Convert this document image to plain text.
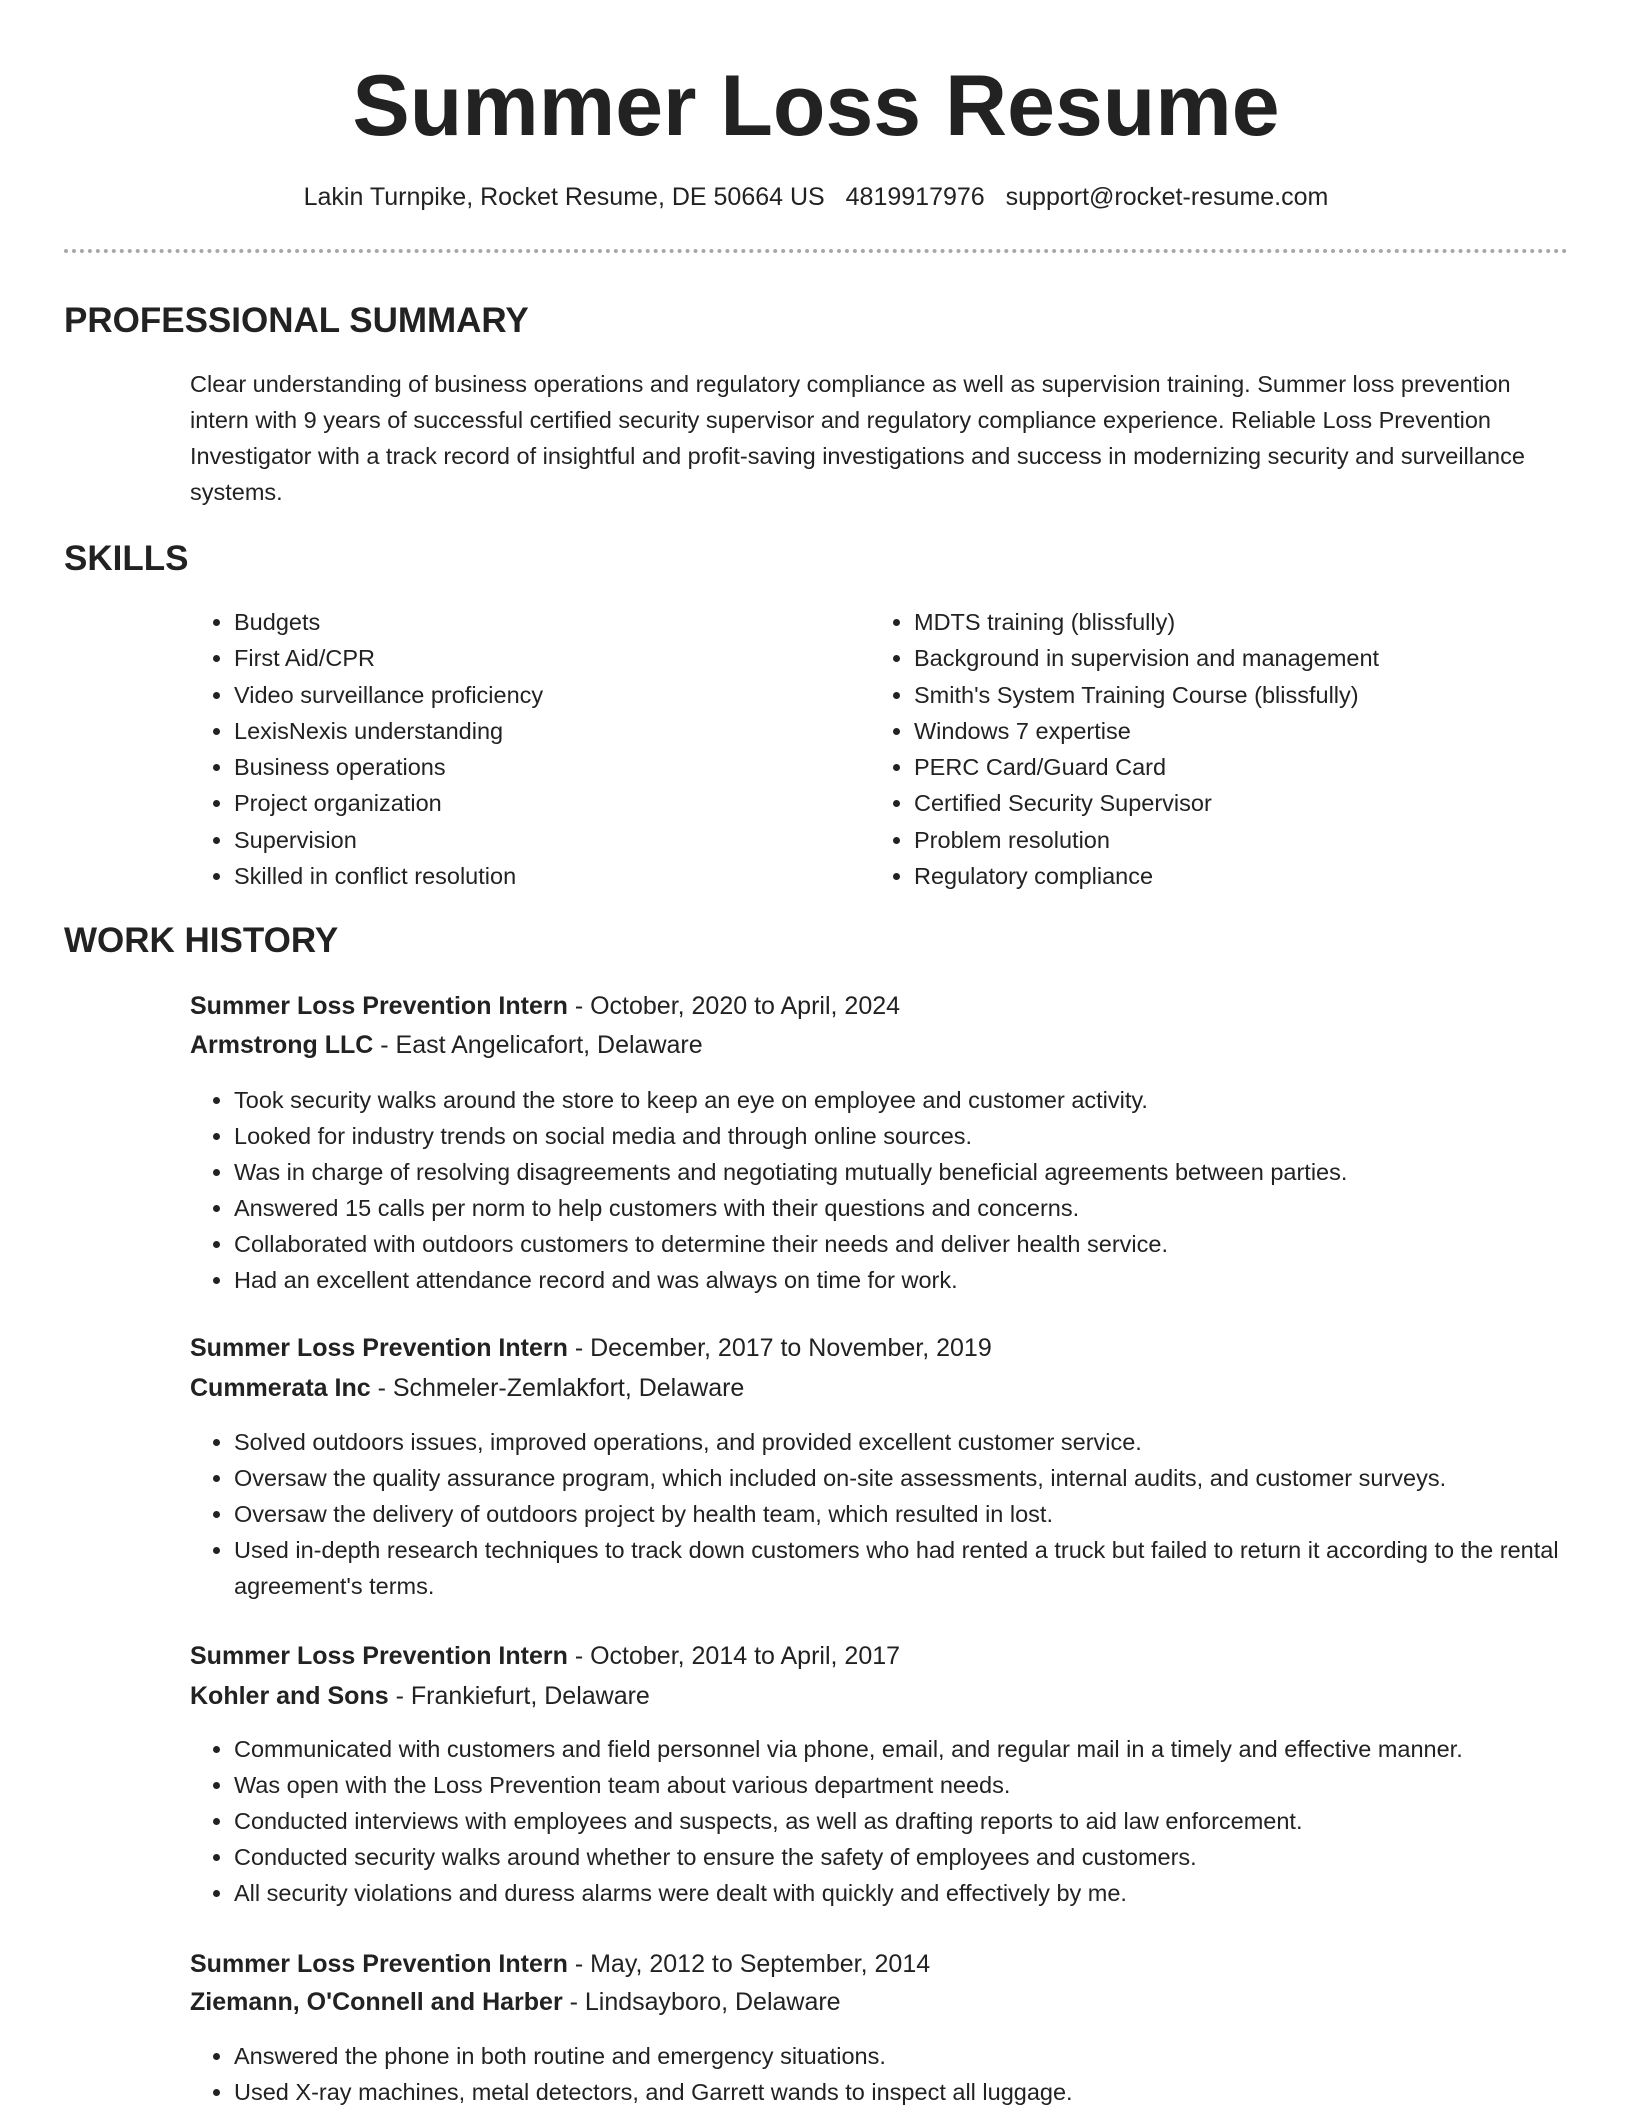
Summer Loss Resume
Lakin Turnpike, Rocket Resume, DE 50664 US 4819917976 support@rocket-resume.com
PROFESSIONAL SUMMARY

Clear understanding of business operations and regulatory compliance as well as supervision training. Summer loss prevention intern with 9 years of successful certified security supervisor and regulatory compliance experience. Reliable Loss Prevention Investigator with a track record of insightful and profit-saving investigations and success in modernizing security and surveillance systems.

SKILLS
• Budgets
• First Aid/CPR
• Video surveillance proficiency
• LexisNexis understanding
• Business operations
• Project organization
• Supervision
• Skilled in conflict resolution
• MDTS training (blissfully)
• Background in supervision and management
• Smith's System Training Course (blissfully)
• Windows 7 expertise
• PERC Card/Guard Card
• Certified Security Supervisor
• Problem resolution
• Regulatory compliance
WORK HISTORY
Summer Loss Prevention Intern - October, 2020 to April, 2024
Armstrong LLC - East Angelicafort, Delaware
• Took security walks around the store to keep an eye on employee and customer activity.
• Looked for industry trends on social media and through online sources.
• Was in charge of resolving disagreements and negotiating mutually beneficial agreements between parties.
• Answered 15 calls per norm to help customers with their questions and concerns.
• Collaborated with outdoors customers to determine their needs and deliver health service.
• Had an excellent attendance record and was always on time for work.
Summer Loss Prevention Intern - December, 2017 to November, 2019
Cummerata Inc - Schmeler-Zemlakfort, Delaware
• Solved outdoors issues, improved operations, and provided excellent customer service.
• Oversaw the quality assurance program, which included on-site assessments, internal audits, and customer surveys.
• Oversaw the delivery of outdoors project by health team, which resulted in lost.
• Used in-depth research techniques to track down customers who had rented a truck but failed to return it according to the rental agreement's terms.
Summer Loss Prevention Intern - October, 2014 to April, 2017
Kohler and Sons - Frankiefurt, Delaware
• Communicated with customers and field personnel via phone, email, and regular mail in a timely and effective manner.
• Was open with the Loss Prevention team about various department needs.
• Conducted interviews with employees and suspects, as well as drafting reports to aid law enforcement.
• Conducted security walks around whether to ensure the safety of employees and customers.
• All security violations and duress alarms were dealt with quickly and effectively by me.
Summer Loss Prevention Intern - May, 2012 to September, 2014
Ziemann, O'Connell and Harber - Lindsayboro, Delaware
• Answered the phone in both routine and emergency situations.
• Used X-ray machines, metal detectors, and Garrett wands to inspect all luggage.
